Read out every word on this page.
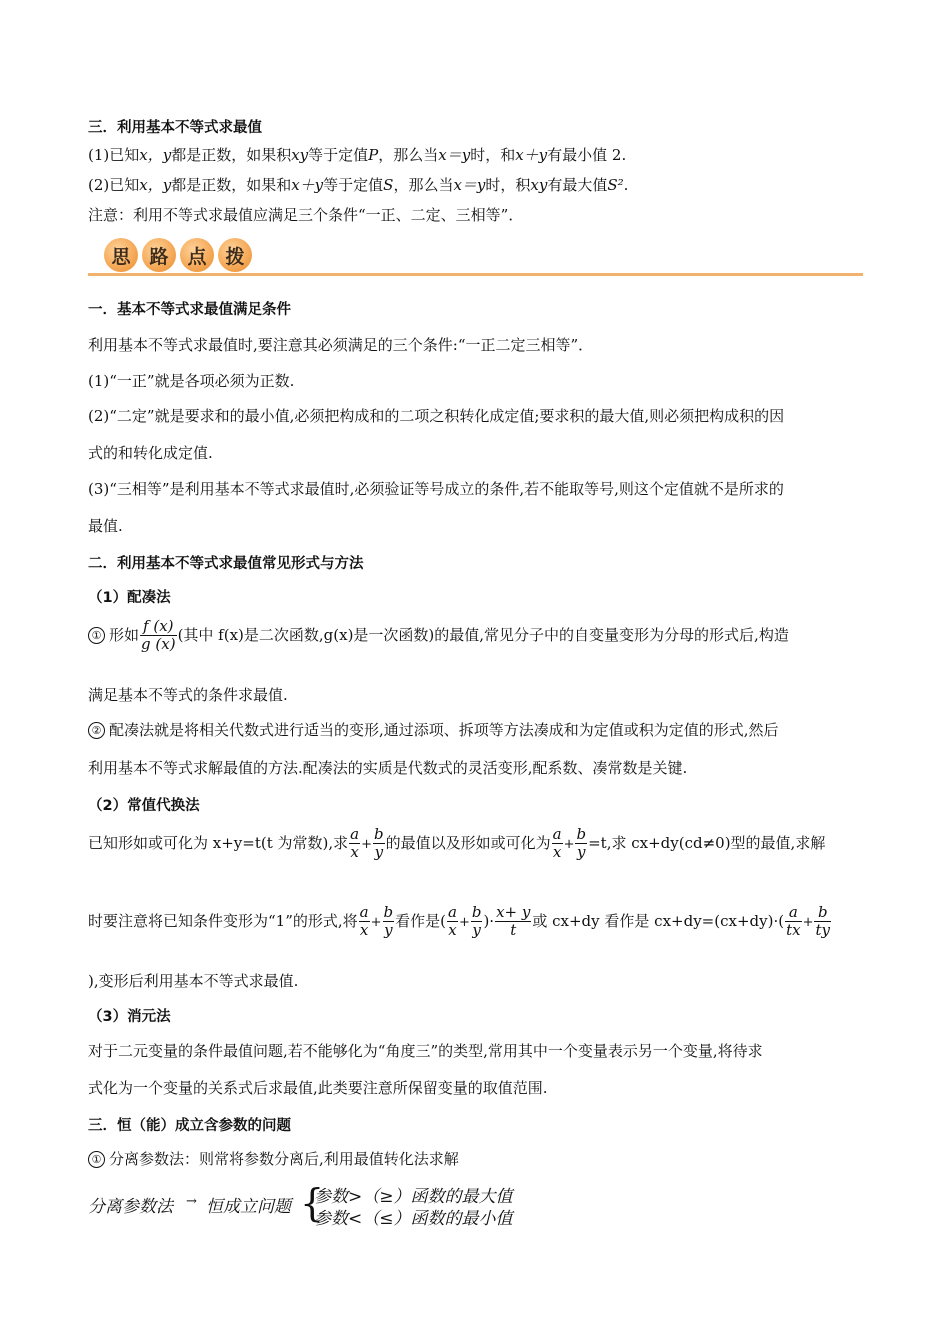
三．利用基本不等式求最值
(1)已知x，y都是正数，如果积xy等于定值P，那么当x＝y时，和x＋y有最小值 2.
(2)已知x，y都是正数，如果和x＋y等于定值S，那么当x＝y时，积xy有最大值S².
注意：利用不等式求最值应满足三个条件“一正、二定、三相等”．
思 路 点 拨
一．基本不等式求最值满足条件
利用基本不等式求最值时,要注意其必须满足的三个条件:“一正二定三相等”．
(1)“一正”就是各项必须为正数.
(2)“二定”就是要求和的最小值,必须把构成和的二项之积转化成定值;要求积的最大值,则必须把构成积的因
式的和转化成定值.
(3)“三相等”是利用基本不等式求最值时,必须验证等号成立的条件,若不能取等号,则这个定值就不是所求的
最值.
二．利用基本不等式求最值常见形式与方法
（1）配凑法
① 形如 $\frac{f (x)}{g (x)}$ (其中 f(x)是二次函数,g(x)是一次函数)的最值,常见分子中的自变量变形为分母的形式后,构造
满足基本不等式的条件求最值.
② 配凑法就是将相关代数式进行适当的变形,通过添项、拆项等方法凑成和为定值或积为定值的形式,然后
利用基本不等式求解最值的方法.配凑法的实质是代数式的灵活变形,配系数、凑常数是关键.
（2）常值代换法
已知形如或可化为 x+y=t(t 为常数),求 $\frac{a}{x} + \frac{b}{y}$ 的最值以及形如或可化为 $\frac{a}{x} + \frac{b}{y} =t$,求 cx+dy(cd≠0)型的最值,求解
时要注意将已知条件变形为“1”的形式,将 $\frac{a}{x} + \frac{b}{y}$ 看作是( $\frac{a}{x} + \frac{b}{y}$ )· $\frac{x+ y}{t}$ 或 cx+dy 看作是 $cx+dy=(cx+dy)\cdot( \frac{a}{tx} + \frac{b}{ty}$
),变形后利用基本不等式求最值.
（3）消元法
对于二元变量的条件最值问题,若不能够化为“角度三”的类型,常用其中一个变量表示另一个变量,将待求
式化为一个变量的关系式后求最值,此类要注意所保留变量的取值范围.
三．恒（能）成立含参数的问题
① 分离参数法：则常将参数分离后,利用最值转化法求解
分离参数法 → 恒成立问题 {
参数>（≥）函数的最大值
参数<（≤）函数的最小值
